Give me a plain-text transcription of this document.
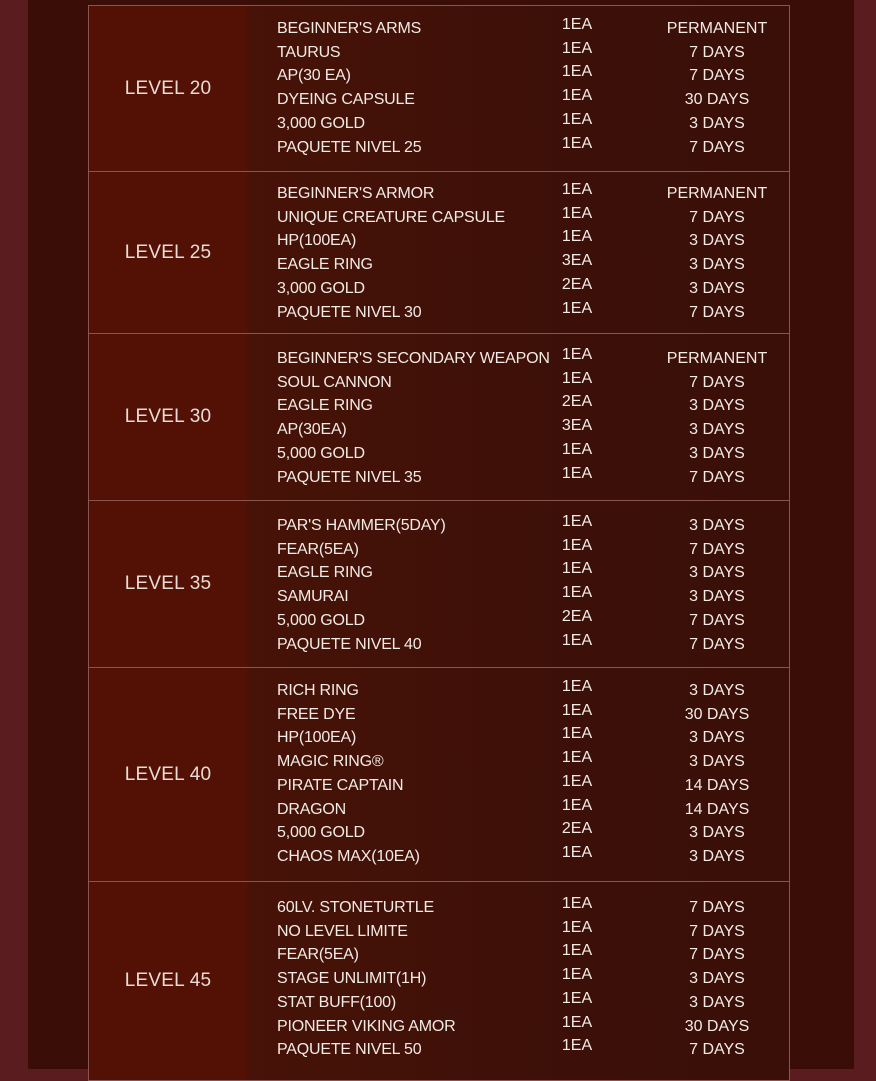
LEVEL 20
BEGINNER'S ARMS	1EA	PERMANENT
TAURUS	1EA	7 DAYS
AP(30 EA)	1EA	7 DAYS
DYEING CAPSULE	1EA	30 DAYS
3,000 GOLD	1EA	3 DAYS
PAQUETE NIVEL 25	1EA	7 DAYS
LEVEL 25
BEGINNER'S ARMOR	1EA	PERMANENT
UNIQUE CREATURE CAPSULE	1EA	7 DAYS
HP(100EA)	1EA	3 DAYS
EAGLE RING	3EA	3 DAYS
3,000 GOLD	2EA	3 DAYS
PAQUETE NIVEL 30	1EA	7 DAYS
LEVEL 30
BEGINNER'S SECONDARY WEAPON 1EA	PERMANENT
SOUL CANNON	1EA	7 DAYS
EAGLE RING	2EA	3 DAYS
AP(30EA)	3EA	3 DAYS
5,000 GOLD	1EA	3 DAYS
PAQUETE NIVEL 35	1EA	7 DAYS
LEVEL 35
PAR'S HAMMER(5DAY)	1EA	3 DAYS
FEAR(5EA)	1EA	7 DAYS
EAGLE RING	1EA	3 DAYS
SAMURAI	1EA	3 DAYS
5,000 GOLD	2EA	7 DAYS
PAQUETE NIVEL 40	1EA	7 DAYS
LEVEL 40
RICH RING	1EA	3 DAYS
FREE DYE	1EA	30 DAYS
HP(100EA)	1EA	3 DAYS
MAGIC RING®	1EA	3 DAYS
PIRATE CAPTAIN	1EA	14 DAYS
DRAGON	1EA	14 DAYS
5,000 GOLD	2EA	3 DAYS
CHAOS MAX(10EA)	1EA	3 DAYS
LEVEL 45
60LV. STONETURTLE	1EA	7 DAYS
NO LEVEL LIMITE	1EA	7 DAYS
FEAR(5EA)	1EA	7 DAYS
STAGE UNLIMIT(1H)	1EA	3 DAYS
STAT BUFF(100)	1EA	3 DAYS
PIONEER VIKING AMOR	1EA	30 DAYS
PAQUETE NIVEL 50	1EA	7 DAYS
